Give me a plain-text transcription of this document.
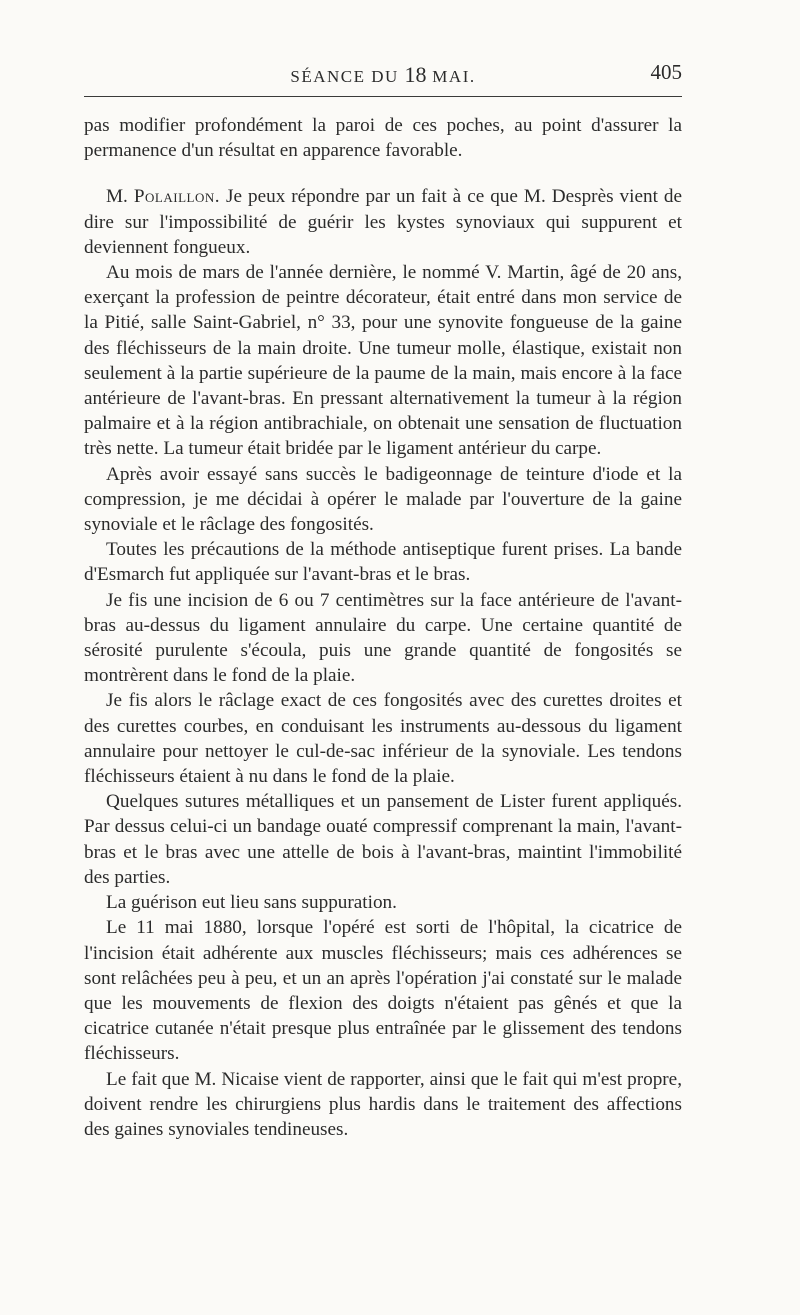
SÉANCE DU 18 MAI.	405

pas modifier profondément la paroi de ces poches, au point d'assurer la permanence d'un résultat en apparence favorable.

M. Polaillon. Je peux répondre par un fait à ce que M. Desprès vient de dire sur l'impossibilité de guérir les kystes synoviaux qui suppurent et deviennent fongueux.

Au mois de mars de l'année dernière, le nommé V. Martin, âgé de 20 ans, exerçant la profession de peintre décorateur, était entré dans mon service de la Pitié, salle Saint-Gabriel, n° 33, pour une synovite fongueuse de la gaine des fléchisseurs de la main droite. Une tumeur molle, élastique, existait non seulement à la partie supérieure de la paume de la main, mais encore à la face antérieure de l'avant-bras. En pressant alternativement la tumeur à la région palmaire et à la région antibrachiale, on obtenait une sensation de fluctuation très nette. La tumeur était bridée par le ligament antérieur du carpe.

Après avoir essayé sans succès le badigeonnage de teinture d'iode et la compression, je me décidai à opérer le malade par l'ouverture de la gaine synoviale et le râclage des fongosités.

Toutes les précautions de la méthode antiseptique furent prises. La bande d'Esmarch fut appliquée sur l'avant-bras et le bras.

Je fis une incision de 6 ou 7 centimètres sur la face antérieure de l'avant-bras au-dessus du ligament annulaire du carpe. Une certaine quantité de sérosité purulente s'écoula, puis une grande quantité de fongosités se montrèrent dans le fond de la plaie.

Je fis alors le râclage exact de ces fongosités avec des curettes droites et des curettes courbes, en conduisant les instruments au-dessous du ligament annulaire pour nettoyer le cul-de-sac inférieur de la synoviale. Les tendons fléchisseurs étaient à nu dans le fond de la plaie.

Quelques sutures métalliques et un pansement de Lister furent appliqués. Par dessus celui-ci un bandage ouaté compressif comprenant la main, l'avant-bras et le bras avec une attelle de bois à l'avant-bras, maintint l'immobilité des parties.

La guérison eut lieu sans suppuration.

Le 11 mai 1880, lorsque l'opéré est sorti de l'hôpital, la cicatrice de l'incision était adhérente aux muscles fléchisseurs; mais ces adhérences se sont relâchées peu à peu, et un an après l'opération j'ai constaté sur le malade que les mouvements de flexion des doigts n'étaient pas gênés et que la cicatrice cutanée n'était presque plus entraînée par le glissement des tendons fléchisseurs.

Le fait que M. Nicaise vient de rapporter, ainsi que le fait qui m'est propre, doivent rendre les chirurgiens plus hardis dans le traitement des affections des gaines synoviales tendineuses.
